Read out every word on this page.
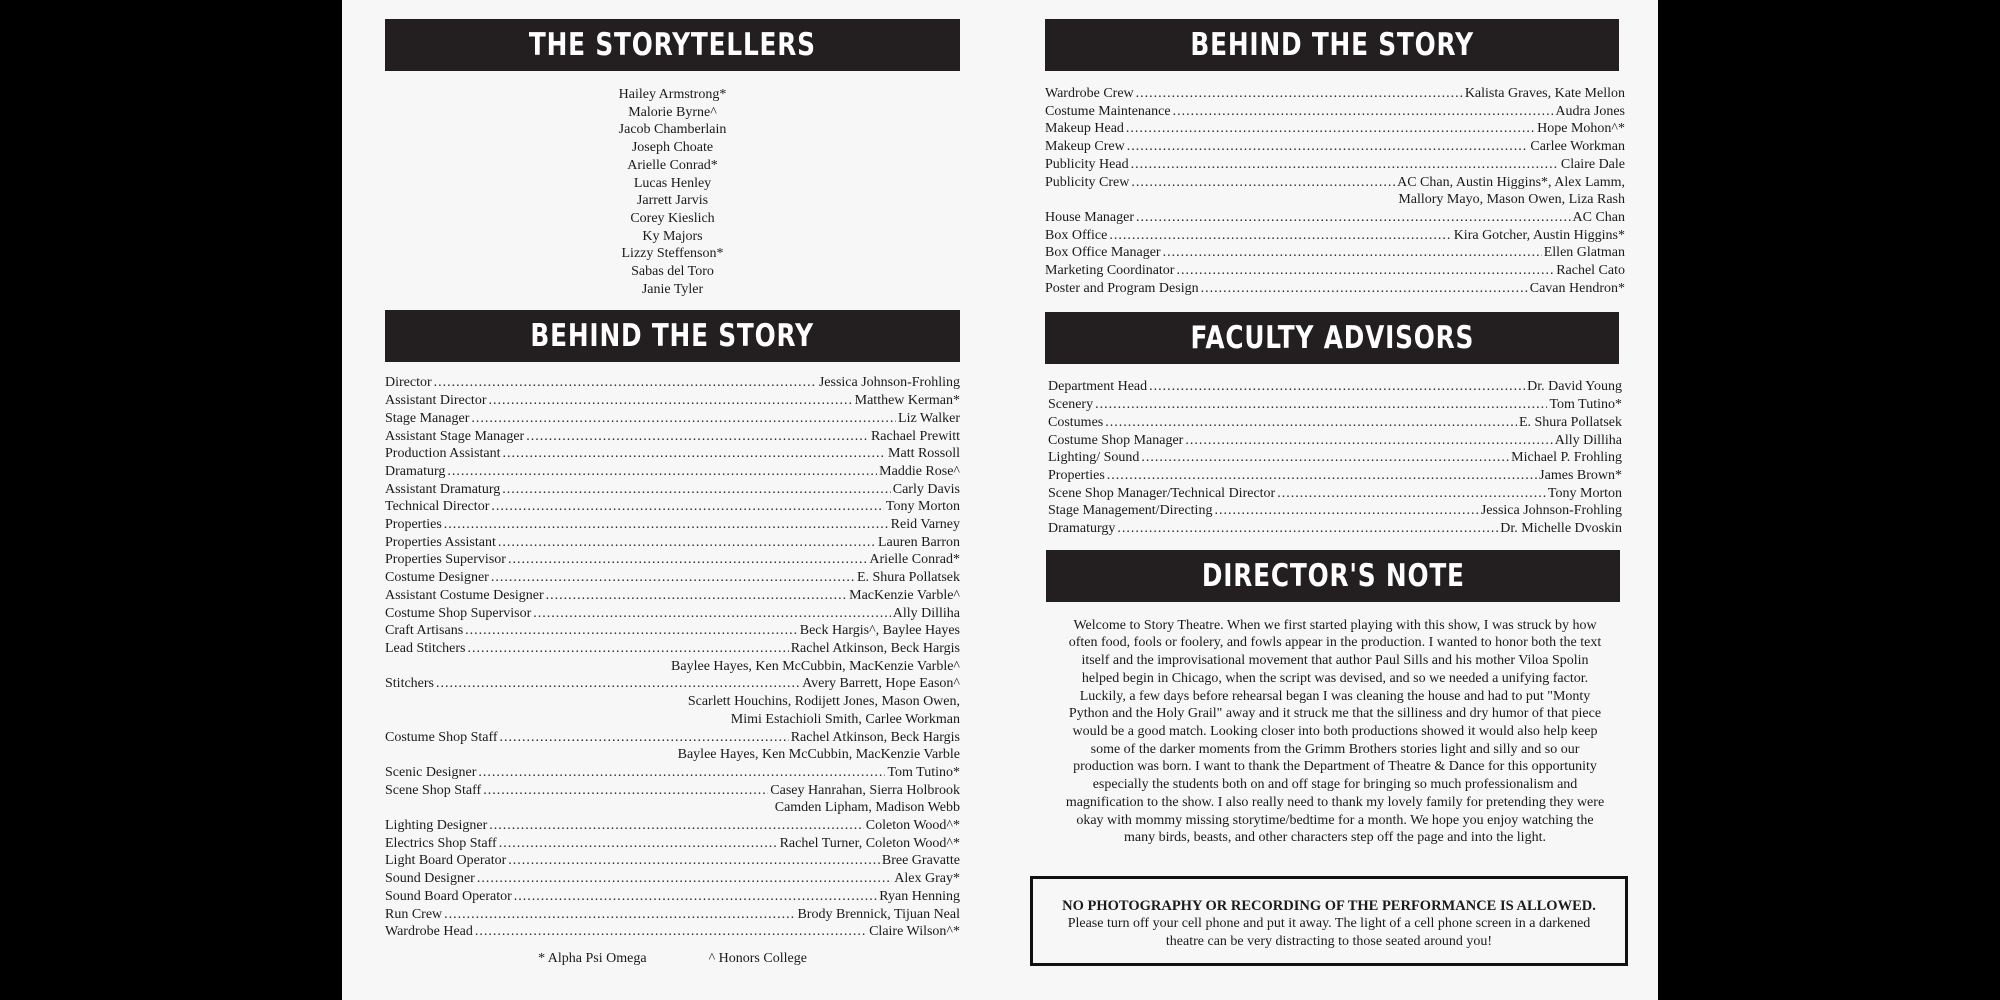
THE STORYTELLERS
Hailey Armstrong*
Malorie Byrne^
Jacob Chamberlain
Joseph Choate
Arielle Conrad*
Lucas Henley
Jarrett Jarvis
Corey Kieslich
Ky Majors
Lizzy Steffenson*
Sabas del Toro
Janie Tyler
BEHIND THE STORY
Director .....	Jessica Johnson-Frohling
Assistant Director .....	Matthew Kerman*
Stage Manager .....	Liz Walker
Assistant Stage Manager .....	Rachael Prewitt
Production Assistant .....	Matt Rossoll
Dramaturg .....	Maddie Rose^
Assistant Dramaturg .....	Carly Davis
Technical Director .....	Tony Morton
Properties .....	Reid Varney
Properties Assistant .....	Lauren Barron
Properties Supervisor .....	Arielle Conrad*
Costume Designer .....	E. Shura Pollatsek
Assistant Costume Designer .....	MacKenzie Varble^
Costume Shop Supervisor .....	Ally Dilliha
Craft Artisans .....	Beck Hargis^, Baylee Hayes
Lead Stitchers .....	Rachel Atkinson, Beck Hargis
Baylee Hayes, Ken McCubbin, MacKenzie Varble^
Stitchers .....	Avery Barrett, Hope Eason^
Scarlett Houchins, Rodijett Jones, Mason Owen,
Mimi Estachioli Smith, Carlee Workman
Costume Shop Staff .....	Rachel Atkinson, Beck Hargis
Baylee Hayes, Ken McCubbin, MacKenzie Varble
Scenic Designer .....	Tom Tutino*
Scene Shop Staff .....	Casey Hanrahan, Sierra Holbrook
Camden Lipham, Madison Webb
Lighting Designer .....	Coleton Wood^*
Electrics Shop Staff .....	Rachel Turner, Coleton Wood^*
Light Board Operator .....	Bree Gravatte
Sound Designer .....	Alex Gray*
Sound Board Operator .....	Ryan Henning
Run Crew .....	Brody Brennick, Tijuan Neal
Wardrobe Head .....	Claire Wilson^*
* Alpha Psi Omega	^ Honors College
BEHIND THE STORY
Wardrobe Crew .....	Kalista Graves, Kate Mellon
Costume Maintenance .....	Audra Jones
Makeup Head .....	Hope Mohon^*
Makeup Crew .....	Carlee Workman
Publicity Head .....	Claire Dale
Publicity Crew .....	AC Chan, Austin Higgins*, Alex Lamm,
Mallory Mayo, Mason Owen, Liza Rash
House Manager .....	AC Chan
Box Office .....	Kira Gotcher, Austin Higgins*
Box Office Manager .....	Ellen Glatman
Marketing Coordinator .....	Rachel Cato
Poster and Program Design .....	Cavan Hendron*
FACULTY ADVISORS
Department Head .....	Dr. David Young
Scenery .....	Tom Tutino*
Costumes .....	E. Shura Pollatsek
Costume Shop Manager .....	Ally Dilliha
Lighting/ Sound .....	Michael P. Frohling
Properties .....	James Brown*
Scene Shop Manager/Technical Director .....	Tony Morton
Stage Management/Directing .....	Jessica Johnson-Frohling
Dramaturgy .....	Dr. Michelle Dvoskin
DIRECTOR'S NOTE
Welcome to Story Theatre. When we first started playing with this show, I was struck by how
often food, fools or foolery, and fowls appear in the production. I wanted to honor both the text
itself and the improvisational movement that author Paul Sills and his mother Viloa Spolin
helped begin in Chicago, when the script was devised, and so we needed a unifying factor.
Luckily, a few days before rehearsal began I was cleaning the house and had to put "Monty
Python and the Holy Grail" away and it struck me that the silliness and dry humor of that piece
would be a good match. Looking closer into both productions showed it would also help keep
some of the darker moments from the Grimm Brothers stories light and silly and so our
production was born. I want to thank the Department of Theatre & Dance for this opportunity
especially the students both on and off stage for bringing so much professionalism and
magnification to the show. I also really need to thank my lovely family for pretending they were
okay with mommy missing storytime/bedtime for a month. We hope you enjoy watching the
many birds, beasts, and other characters step off the page and into the light.
NO PHOTOGRAPHY OR RECORDING OF THE PERFORMANCE IS ALLOWED.
Please turn off your cell phone and put it away. The light of a cell phone screen in a darkened
theatre can be very distracting to those seated around you!
